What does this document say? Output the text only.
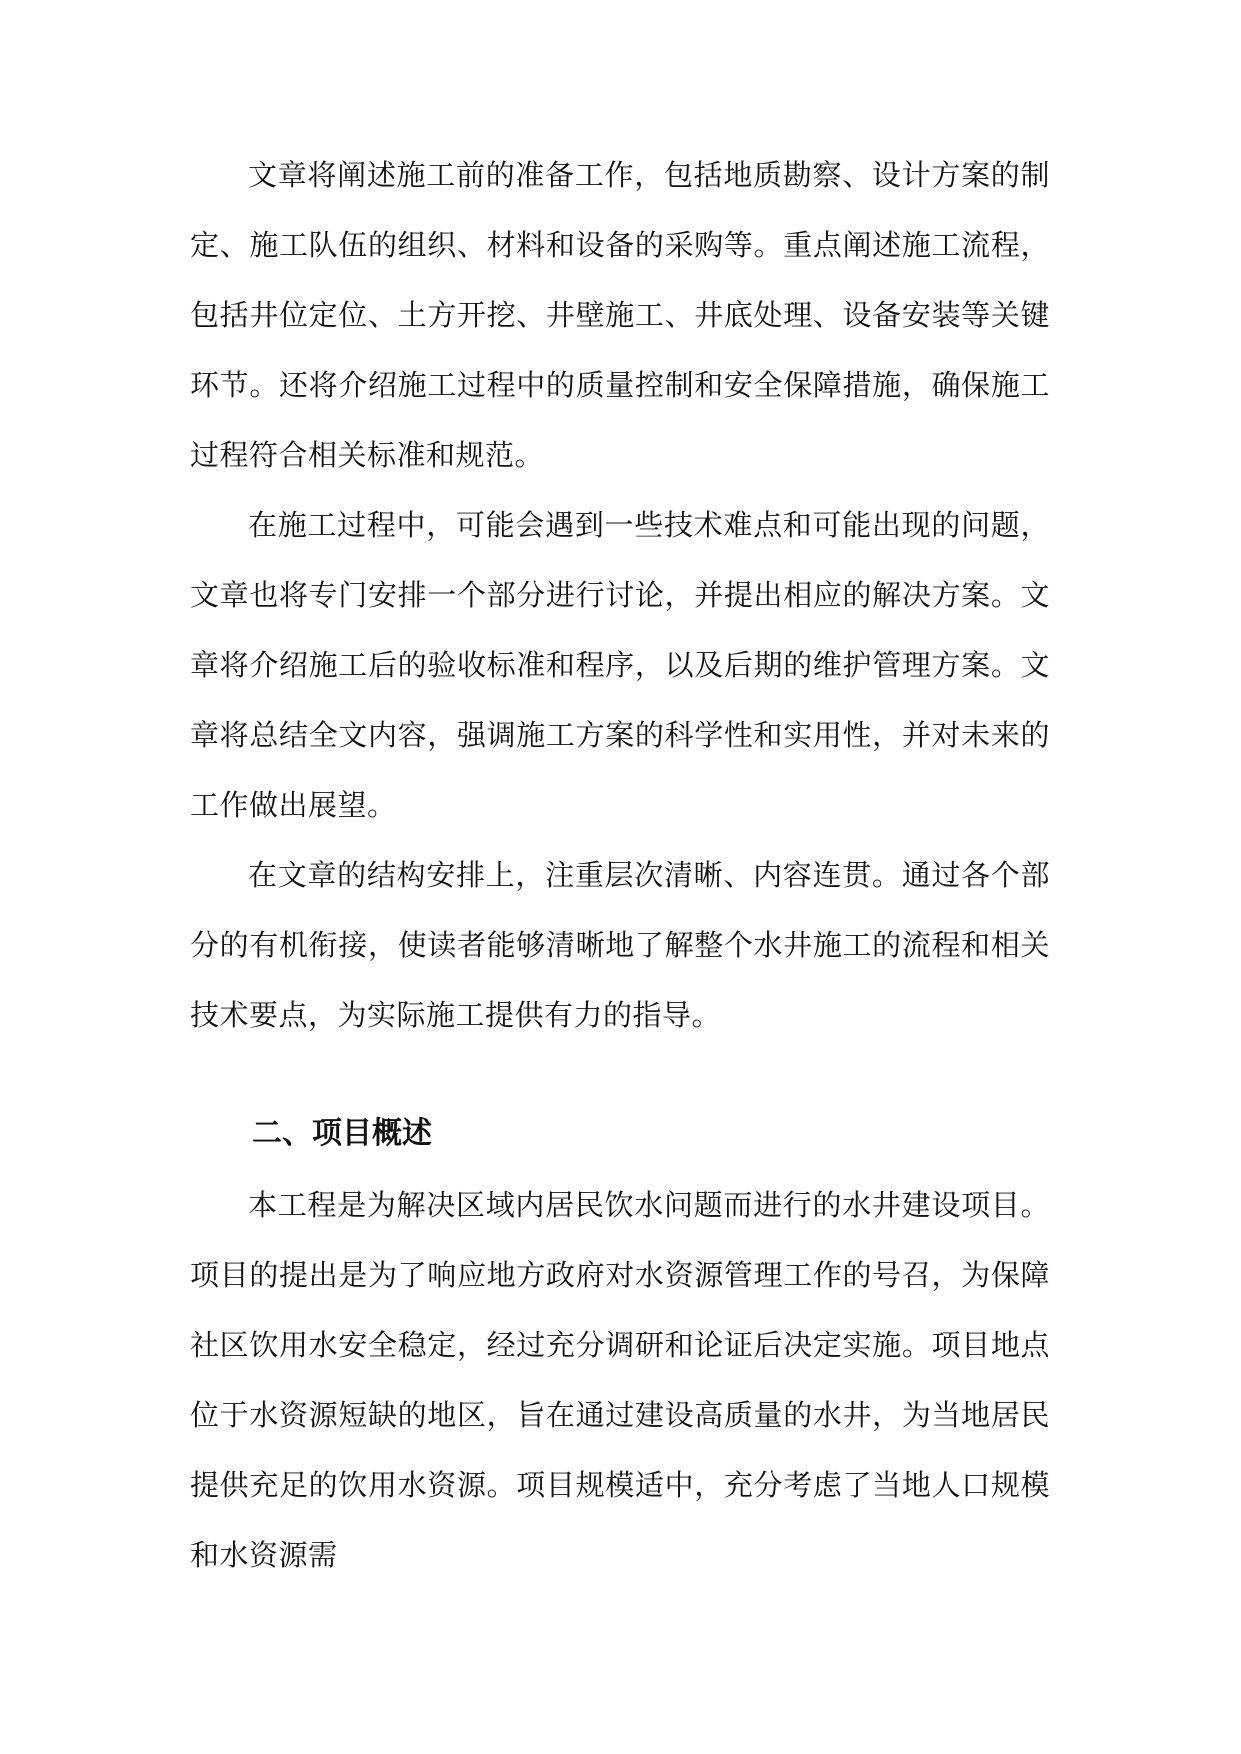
文章将阐述施工前的准备工作，包括地质勘察、设计方案的制定、施工队伍的组织、材料和设备的采购等。重点阐述施工流程，包括井位定位、土方开挖、井壁施工、井底处理、设备安装等关键环节。还将介绍施工过程中的质量控制和安全保障措施，确保施工过程符合相关标准和规范。

在施工过程中，可能会遇到一些技术难点和可能出现的问题，文章也将专门安排一个部分进行讨论，并提出相应的解决方案。文章将介绍施工后的验收标准和程序，以及后期的维护管理方案。文章将总结全文内容，强调施工方案的科学性和实用性，并对未来的工作做出展望。

在文章的结构安排上，注重层次清晰、内容连贯。通过各个部分的有机衔接，使读者能够清晰地了解整个水井施工的流程和相关技术要点，为实际施工提供有力的指导。

二、项目概述

本工程是为解决区域内居民饮水问题而进行的水井建设项目。项目的提出是为了响应地方政府对水资源管理工作的号召，为保障社区饮用水安全稳定，经过充分调研和论证后决定实施。项目地点位于水资源短缺的地区，旨在通过建设高质量的水井，为当地居民提供充足的饮用水资源。项目规模适中，充分考虑了当地人口规模和水资源需
